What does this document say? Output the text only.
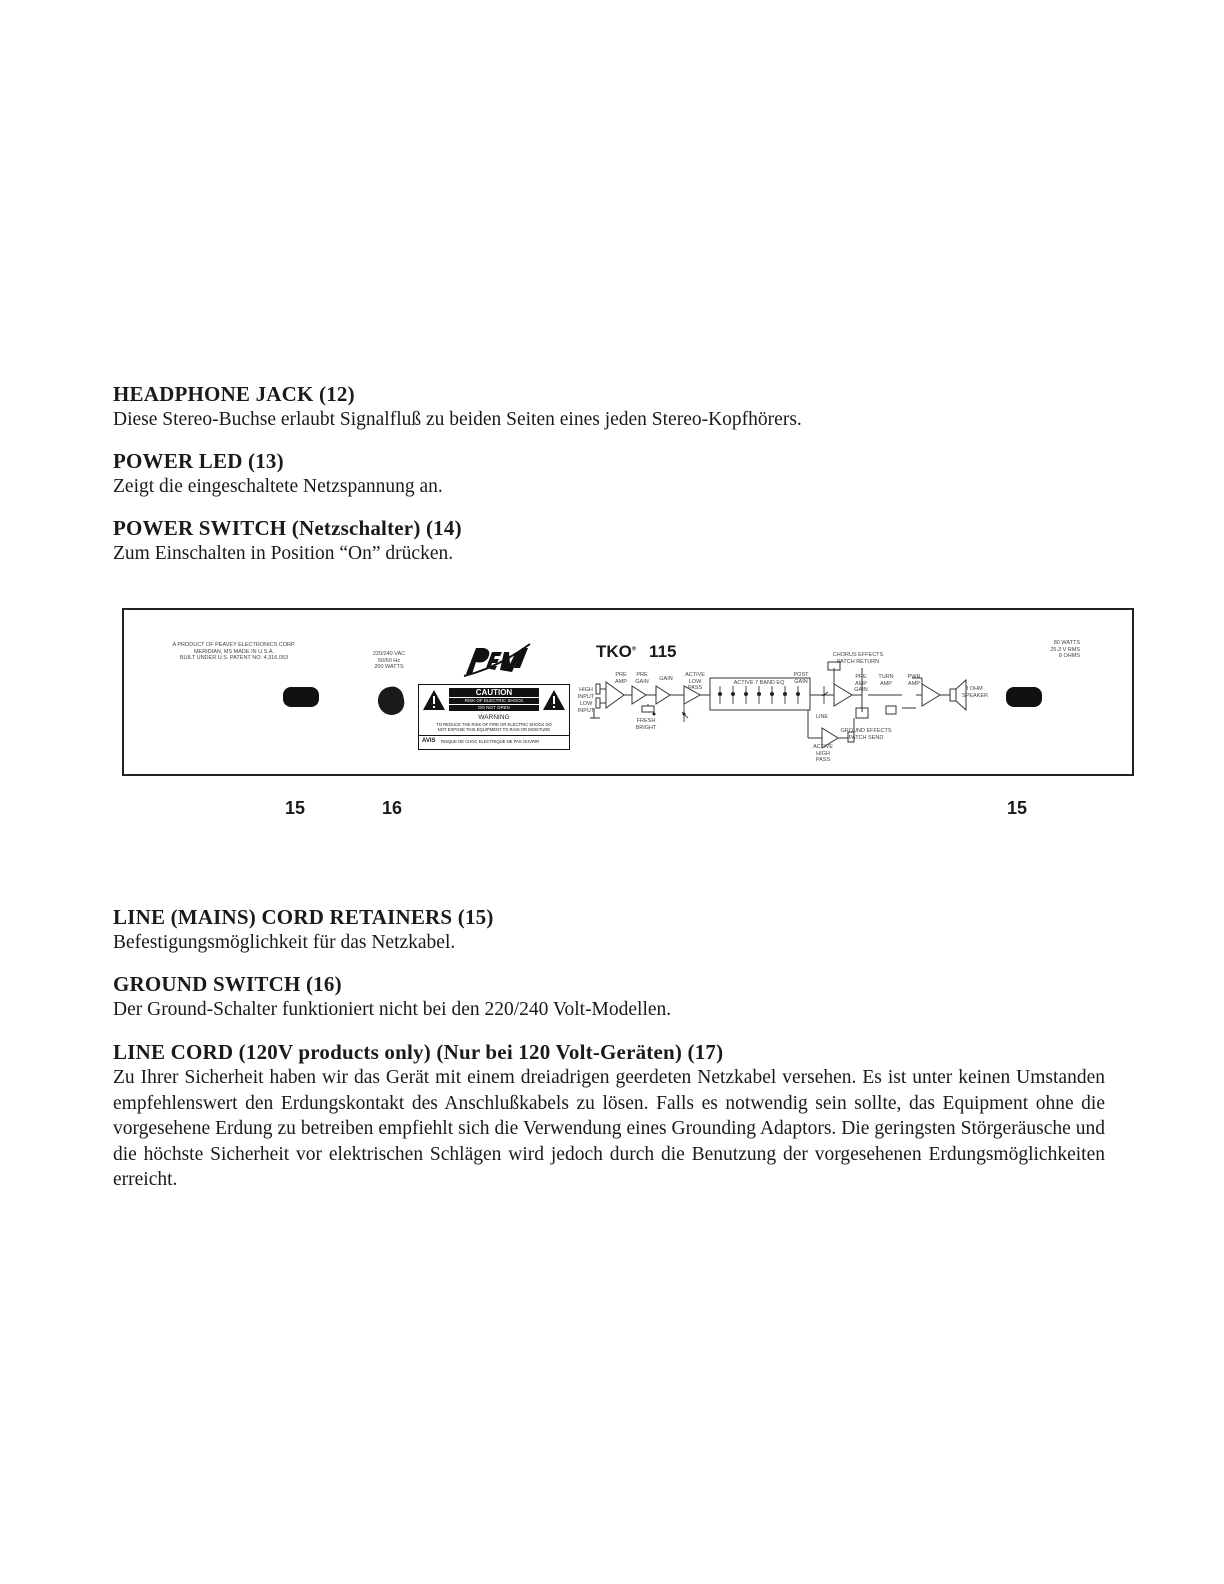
HEADPHONE JACK (12)

Diese Stereo-Buchse erlaubt Signalfluß zu beiden Seiten eines jeden Stereo-Kopfhörers.

POWER LED (13)

Zeigt die eingeschaltete Netzspannung an.

POWER SWITCH (Netzschalter) (14)

Zum Einschalten in Position “On” drücken.

A PRODUCT OF PEAVEY ELECTRONICS CORP.
MERIDIAN, MS MADE IN U.S.A.
BUILT UNDER U.S. PATENT NO. 4,316,053
220/240 VAC
50/60 Hz
200 WATTS
CAUTION
RISK OF ELECTRIC SHOCK
DO NOT OPEN
WARNING
TO REDUCE THE RISK OF FIRE OR ELECTRIC SHOCK DO
NOT EXPOSE THIS EQUIPMENT TO RAIN OR MOISTURE
AVIS RISQUE DE CHOC ELECTRIQUE NE PAS OUVRIR
TKO® 115
HIGH INPUT
LOW INPUT
PRE AMP
PRE GAIN	GAIN
ACTIVE LOW PASS
FRESH BRIGHT
ACTIVE 7 BAND EQ
POST GAIN
CHORUS EFFECTS
PATCH RETURN
LINE
PRE AMP GAIN
TURN AMP
PWR AMP
8 OHM SPEAKER
GROUND EFFECTS
PATCH SEND
ACTIVE HIGH PASS
80 WATTS
25.3 V RMS
8 OHMS
15	16	15

LINE (MAINS) CORD RETAINERS (15)

Befestigungsmöglichkeit für das Netzkabel.

GROUND SWITCH (16)

Der Ground-Schalter funktioniert nicht bei den 220/240 Volt-Modellen.

LINE CORD (120V products only) (Nur bei 120 Volt-Geräten) (17)

Zu Ihrer Sicherheit haben wir das Gerät mit einem dreiadrigen geerdeten Netzkabel versehen. Es ist unter keinen Umstanden empfehlenswert den Erdungskontakt des Anschlußkabels zu lösen. Falls es notwendig sein sollte, das Equipment ohne die vorgesehene Erdung zu betreiben empfiehlt sich die Verwendung eines Grounding Adaptors. Die geringsten Störgeräusche und die höchste Sicherheit vor elektrischen Schlägen wird jedoch durch die Benutzung der vorgesehenen Erdungsmöglichkeiten erreicht.
